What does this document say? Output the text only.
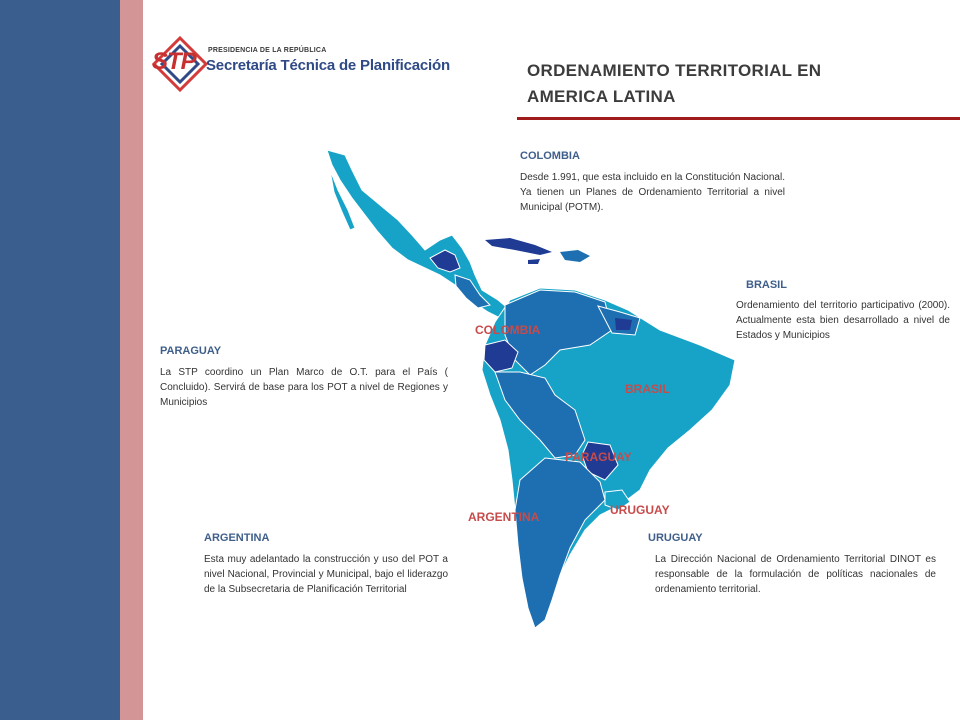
STP PRESIDENCIA DE LA REPÚBLICA
Secretaría Técnica de Planificación	ORDENAMIENTO TERRITORIAL EN
AMERICA LATINA
COLOMBIA
BRASIL
PARAGUAY
ARGENTINA	URUGUAY
COLOMBIA
Desde 1.991, que esta incluido en la Constitución Nacional. Ya tienen un Planes de Ordenamiento Territorial a nivel Municipal (POTM).
BRASIL
Ordenamiento del territorio participativo (2000). Actualmente esta bien desarrollado a nivel de Estados y Municipios
PARAGUAY
La STP coordino un Plan Marco de O.T. para el País ( Concluido). Servirá de base para los POT a nivel de Regiones y Municipios
ARGENTINA
Esta muy adelantado la construcción y uso del POT a nivel Nacional, Provincial y Municipal, bajo el liderazgo de la Subsecretaria de Planificación Territorial
URUGUAY
La Dirección Nacional de Ordenamiento Territorial DINOT es responsable de la formulación de políticas nacionales de ordenamiento territorial.
